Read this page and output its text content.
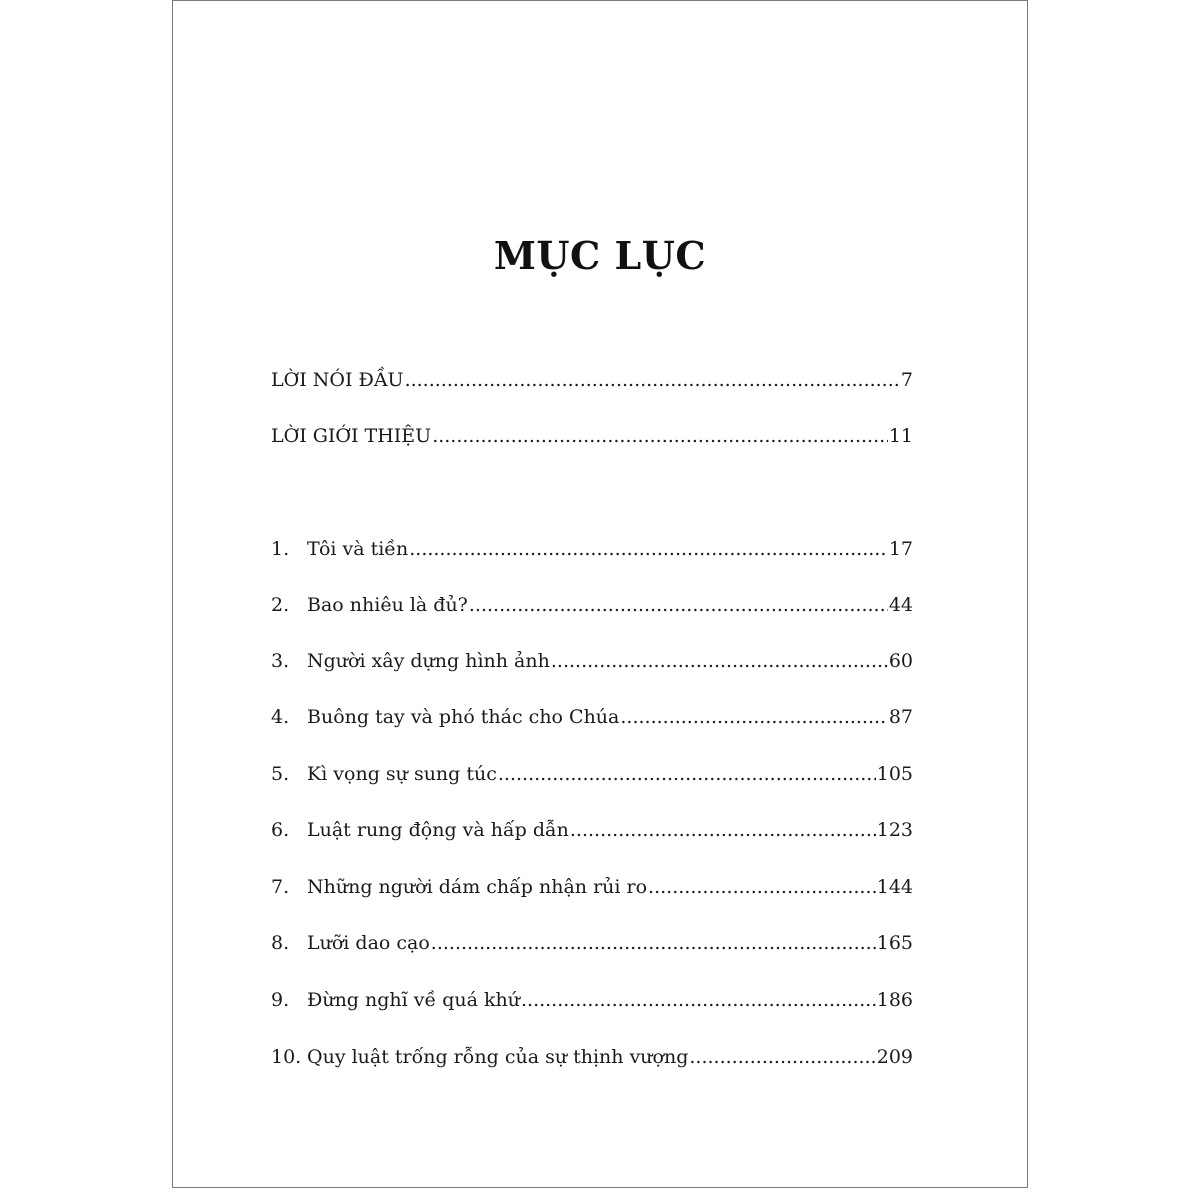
MỤC LỤC
LỜI NÓI ĐẦU .....	7
LỜI GIỚI THIỆU .....	11
1. Tôi và tiền .....	17
2. Bao nhiêu là đủ? .....	44
3. Người xây dựng hình ảnh .....	60
4. Buông tay và phó thác cho Chúa .....	87
5. Kì vọng sự sung túc .....	105
6. Luật rung động và hấp dẫn .....	123
7. Những người dám chấp nhận rủi ro .....	144
8. Lưỡi dao cạo .....	165
9. Đừng nghĩ về quá khứ .....	186
10. Quy luật trống rỗng của sự thịnh vượng .....	209
